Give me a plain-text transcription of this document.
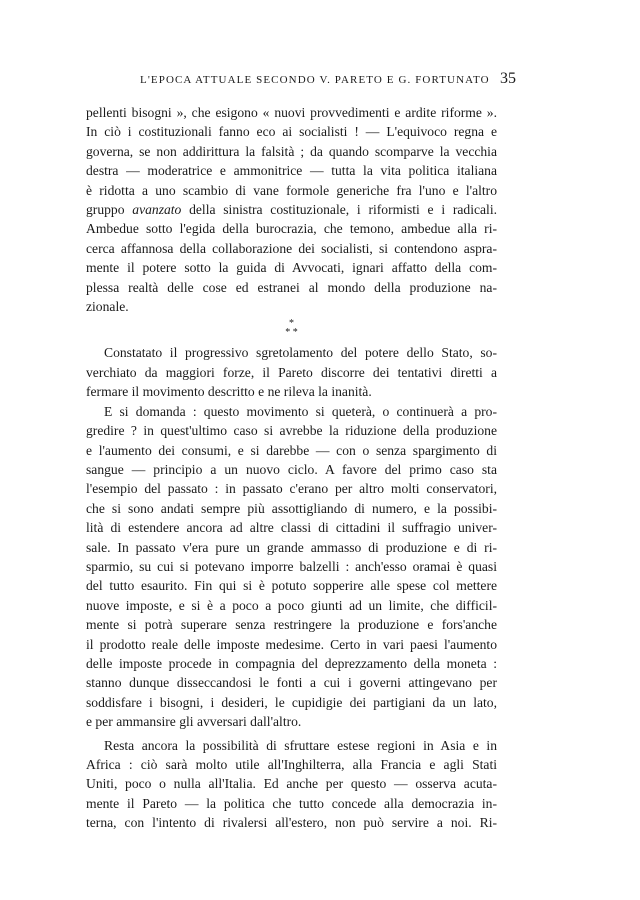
L'EPOCA ATTUALE SECONDO V. PARETO E G. FORTUNATO 35
pellenti bisogni », che esigono « nuovi provvedimenti e ardite riforme ».
In ciò i costituzionali fanno eco ai socialisti ! — L'equivoco regna e
governa, se non addirittura la falsità ; da quando scomparve la vecchia
destra — moderatrice e ammonitrice — tutta la vita politica italiana
è ridotta a uno scambio di vane formole generiche fra l'uno e l'altro
gruppo avanzato della sinistra costituzionale, i riformisti e i radicali.
Ambedue sotto l'egida della burocrazia, che temono, ambedue alla ri-
cerca affannosa della collaborazione dei socialisti, si contendono aspra-
mente il potere sotto la guida di Avvocati, ignari affatto della com-
plessa realtà delle cose ed estranei al mondo della produzione na-
zionale.
*
* *
Constatato il progressivo sgretolamento del potere dello Stato, so-
verchiato da maggiori forze, il Pareto discorre dei tentativi diretti a
fermare il movimento descritto e ne rileva la inanità.
E si domanda : questo movimento si queterà, o continuerà a pro-
gredire ? in quest'ultimo caso si avrebbe la riduzione della produzione
e l'aumento dei consumi, e si darebbe — con o senza spargimento di
sangue — principio a un nuovo ciclo. A favore del primo caso sta
l'esempio del passato : in passato c'erano per altro molti conservatori,
che si sono andati sempre più assottigliando di numero, e la possibi-
lità di estendere ancora ad altre classi di cittadini il suffragio univer-
sale. In passato v'era pure un grande ammasso di produzione e di ri-
sparmio, su cui si potevano imporre balzelli : anch'esso oramai è quasi
del tutto esaurito. Fin qui si è potuto sopperire alle spese col mettere
nuove imposte, e si è a poco a poco giunti ad un limite, che difficil-
mente si potrà superare senza restringere la produzione e fors'anche
il prodotto reale delle imposte medesime. Certo in vari paesi l'aumento
delle imposte procede in compagnia del deprezzamento della moneta :
stanno dunque disseccandosi le fonti a cui i governi attingevano per
soddisfare i bisogni, i desideri, le cupidigie dei partigiani da un lato,
e per ammansire gli avversari dall'altro.
Resta ancora la possibilità di sfruttare estese regioni in Asia e in
Africa : ciò sarà molto utile all'Inghilterra, alla Francia e agli Stati
Uniti, poco o nulla all'Italia. Ed anche per questo — osserva acuta-
mente il Pareto — la politica che tutto concede alla democrazia in-
terna, con l'intento di rivalersi all'estero, non può servire a noi. Ri-
